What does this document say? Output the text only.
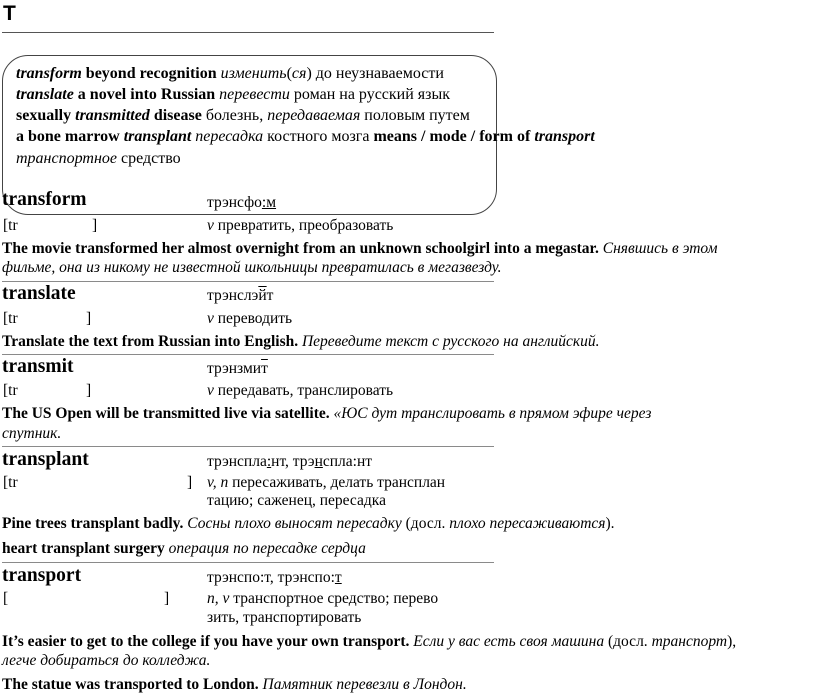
T
transform beyond recognition изменить(ся) до неузнаваемости
translate a novel into Russian перевести роман на русский язык
sexually transmitted disease болезнь, передаваемая половым путем
a bone marrow transplant пересадка костного мозга means / mode / form of transport
транспортное средство
transform	трэнсфо:м
[tr	]	v превратить, преобразовать
The movie transformed her almost overnight from an unknown schoolgirl into a megastar. Снявшись в этом
фильме, она из никому не известной школьницы превратилась в мегазвезду.
translate	трэнслэйт
[tr	]	v переводить
Translate the text from Russian into English. Переведите текст с русского на английский.
transmit	трэнзмит
[tr	]	v передавать, транслировать
The US Open will be transmitted live via satellite. «ЮС дут транслировать в прямом эфире через
спутник.
transplant	трэнспла:нт, трэнспла:нт
[tr	] v, n пересаживать, делать трансплан
тацию; саженец, пересадка
Pine trees transplant badly. Сосны плохо выносят пересадку (досл. плохо пересаживаются).
heart transplant surgery операция по пересадке сердца
transport	трэнспо:т, трэнспо:т
[	] n, v транспортное средство; перево
зить, транспортировать
It’s easier to get to the college if you have your own transport. Если у вас есть своя машина (досл. транспорт),
легче добираться до колледжа.
The statue was transported to London. Памятник перевезли в Лондон.
